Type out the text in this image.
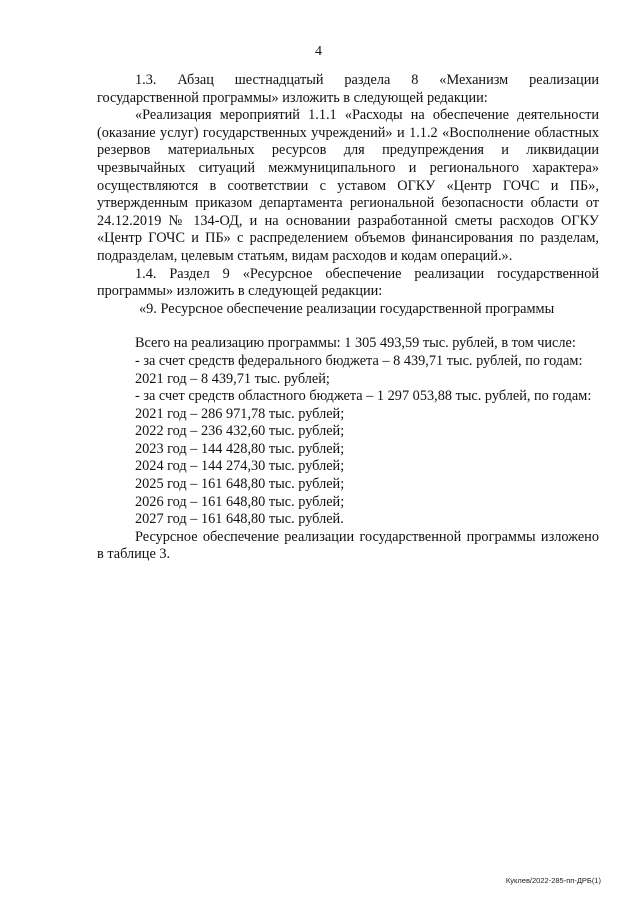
4

1.3. Абзац шестнадцатый раздела 8 «Механизм реализации государственной программы» изложить в следующей редакции:

«Реализация мероприятий 1.1.1 «Расходы на обеспечение деятельности (оказание услуг) государственных учреждений» и 1.1.2 «Восполнение областных резервов материальных ресурсов для предупреждения и ликвидации чрезвычайных ситуаций межмуниципального и регионального характера» осуществляются в соответствии с уставом ОГКУ «Центр ГОЧС и ПБ», утвержденным приказом департамента региональной безопасности области от 24.12.2019 № 134-ОД, и на основании разработанной сметы расходов ОГКУ «Центр ГОЧС и ПБ» с распределением объемов финансирования по разделам, подразделам, целевым статьям, видам расходов и кодам операций.».

1.4. Раздел 9 «Ресурсное обеспечение реализации государственной программы» изложить в следующей редакции:

«9. Ресурсное обеспечение реализации государственной программы

Всего на реализацию программы: 1 305 493,59 тыс. рублей, в том числе:

- за счет средств федерального бюджета – 8 439,71 тыс. рублей, по годам:

2021 год – 8 439,71 тыс. рублей;

- за счет средств областного бюджета – 1 297 053,88 тыс. рублей, по годам:

2021 год – 286 971,78 тыс. рублей;

2022 год – 236 432,60 тыс. рублей;

2023 год – 144 428,80 тыс. рублей;

2024 год – 144 274,30 тыс. рублей;

2025 год – 161 648,80 тыс. рублей;

2026 год – 161 648,80 тыс. рублей;

2027 год – 161 648,80 тыс. рублей.

Ресурсное обеспечение реализации государственной программы изложено в таблице 3.

Куклев/2022-285-пп-ДРБ(1)
